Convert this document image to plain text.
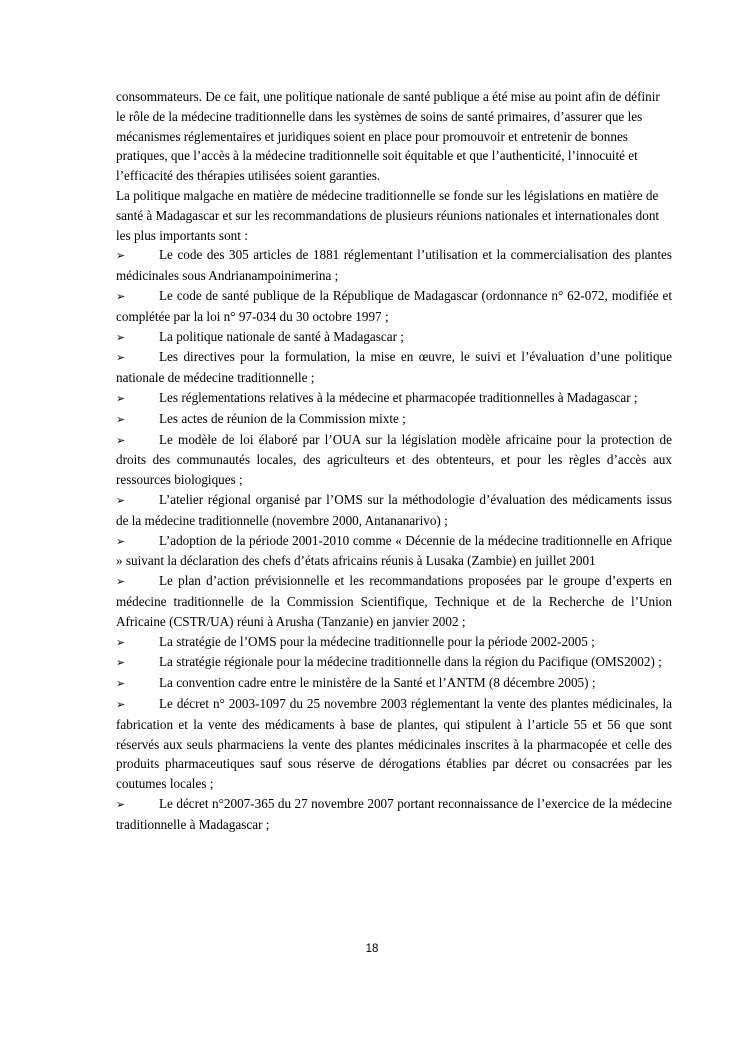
consommateurs. De ce fait, une politique nationale de santé publique a été mise au point afin de définir le rôle de la médecine traditionnelle dans les systèmes de soins de santé primaires, d’assurer que les mécanismes réglementaires et juridiques soient en place pour promouvoir et entretenir de bonnes pratiques, que l’accès à la médecine traditionnelle soit équitable et que l’authenticité, l’innocuité et l’efficacité des thérapies utilisées soient garanties.

La politique malgache en matière de médecine traditionnelle se fonde sur les législations en matière de santé à Madagascar et sur les recommandations de plusieurs réunions nationales et internationales dont les plus importants sont :

➢	Le code des 305 articles de 1881 réglementant l’utilisation et la commercialisation des plantes médicinales sous Andrianampoinimerina ;
➢	Le code de santé publique de la République de Madagascar (ordonnance n° 62-072, modifiée et complétée par la loi n° 97-034 du 30 octobre 1997 ;
➢	La politique nationale de santé à Madagascar ;
➢	Les directives pour la formulation, la mise en œuvre, le suivi et l’évaluation d’une politique nationale de médecine traditionnelle ;
➢	Les réglementations relatives à la médecine et pharmacopée traditionnelles à Madagascar ;
➢	Les actes de réunion de la Commission mixte ;
➢	Le modèle de loi élaboré par l’OUA sur la législation modèle africaine pour la protection de droits des communautés locales, des agriculteurs et des obtenteurs, et pour les règles d’accès aux ressources biologiques ;
➢	L’atelier régional organisé par l’OMS sur la méthodologie d’évaluation des médicaments issus de la médecine traditionnelle (novembre 2000, Antananarivo) ;
➢	L’adoption de la période 2001-2010 comme « Décennie de la médecine traditionnelle en Afrique » suivant la déclaration des chefs d’états africains réunis à Lusaka (Zambie) en juillet 2001
➢	Le plan d’action prévisionnelle et les recommandations proposées par le groupe d’experts en médecine traditionnelle de la Commission Scientifique, Technique et de la Recherche de l’Union Africaine (CSTR/UA) réuni à Arusha (Tanzanie) en janvier 2002 ;
➢	La stratégie de l’OMS pour la médecine traditionnelle pour la période 2002-2005 ;
➢	La stratégie régionale pour la médecine traditionnelle dans la région du Pacifique (OMS2002) ;
➢	La convention cadre entre le ministère de la Santé et l’ANTM (8 décembre 2005) ;
➢	Le décret n° 2003-1097 du 25 novembre 2003 réglementant la vente des plantes médicinales, la fabrication et la vente des médicaments à base de plantes, qui stipulent à l’article 55 et 56 que sont réservés aux seuls pharmaciens la vente des plantes médicinales inscrites à la pharmacopée et celle des produits pharmaceutiques sauf sous réserve de dérogations établies par décret ou consacrées par les coutumes locales ;
➢	Le décret n°2007-365 du 27 novembre 2007 portant reconnaissance de l’exercice de la médecine traditionnelle à Madagascar ;
18
